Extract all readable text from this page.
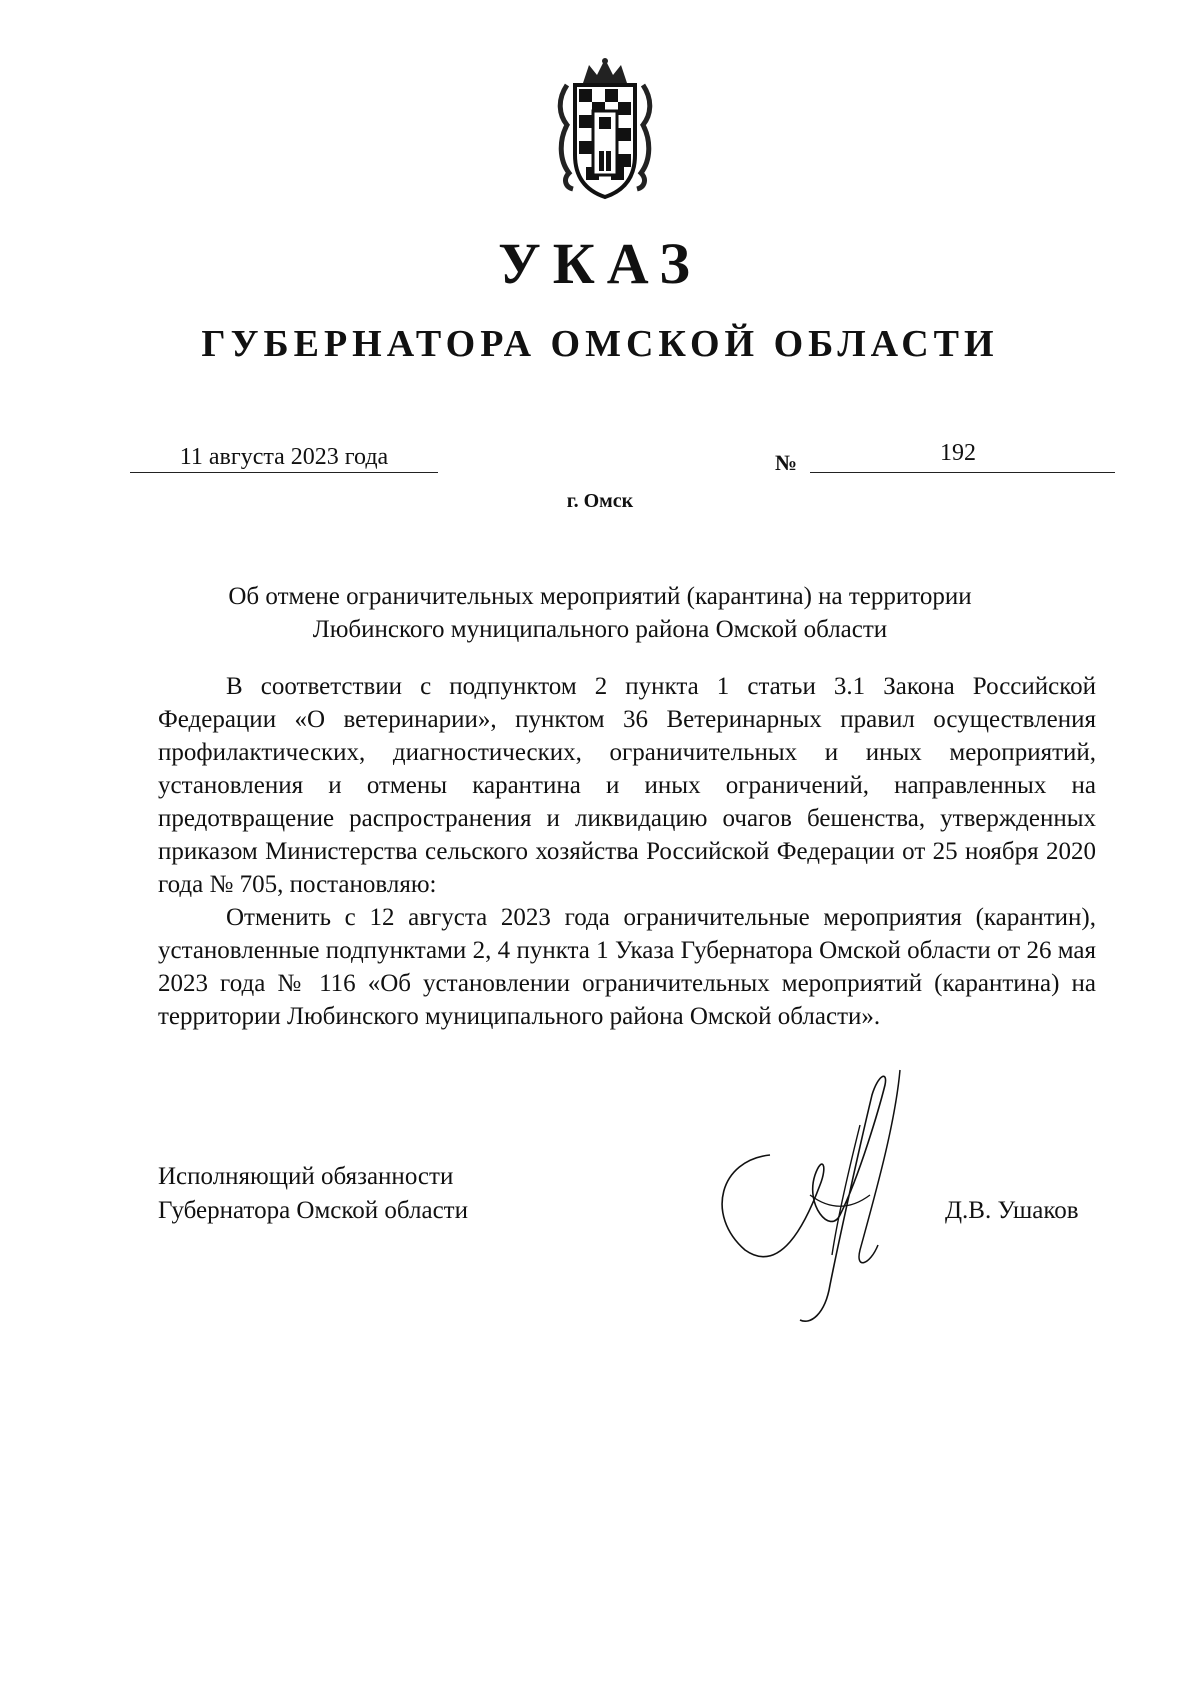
УКАЗ
ГУБЕРНАТОРА ОМСКОЙ ОБЛАСТИ
11 августа 2023 года	№	192
г. Омск
Об отмене ограничительных мероприятий (карантина) на территории Любинского муниципального района Омской области

В соответствии с подпунктом 2 пункта 1 статьи 3.1 Закона Российской Федерации «О ветеринарии», пунктом 36 Ветеринарных правил осуществления профилактических, диагностических, ограничительных и иных мероприятий, установления и отмены карантина и иных ограничений, направленных на предотвращение распространения и ликвидацию очагов бешенства, утвержденных приказом Министерства сельского хозяйства Российской Федерации от 25 ноября 2020 года № 705, постановляю:

Отменить с 12 августа 2023 года ограничительные мероприятия (карантин), установленные подпунктами 2, 4 пункта 1 Указа Губернатора Омской области от 26 мая 2023 года № 116 «Об установлении ограничительных мероприятий (карантина) на территории Любинского муниципального района Омской области».

Исполняющий обязанности
Губернатора Омской области	Д.В. Ушаков
